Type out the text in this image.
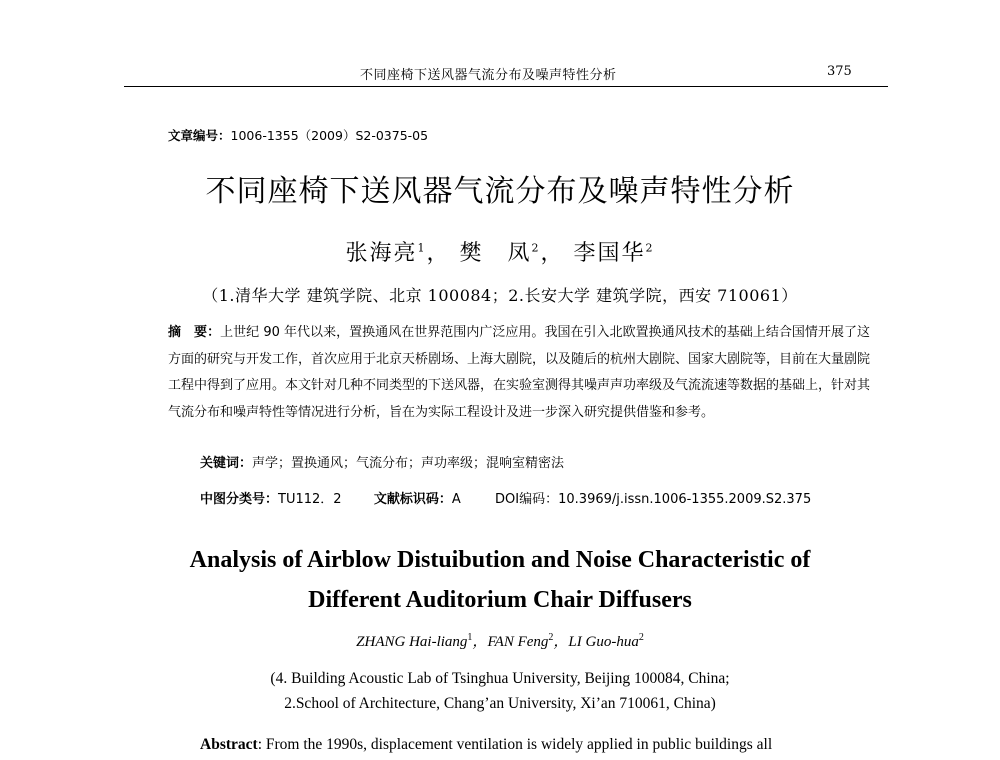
不同座椅下送风器气流分布及噪声特性分析	375
文章编号：1006-1355（2009）S2-0375-05
不同座椅下送风器气流分布及噪声特性分析
张海亮$^1$， 樊　凤$^2$， 李国华$^2$
（1.清华大学 建筑学院、北京 100084；2.长安大学 建筑学院，西安 710061）
摘　要：上世纪 90 年代以来，置换通风在世界范围内广泛应用。我国在引入北欧置换通风技术的基础上结合国情开展了这方面的研究与开发工作，首次应用于北京天桥剧场、上海大剧院，以及随后的杭州大剧院、国家大剧院等，目前在大量剧院工程中得到了应用。本文针对几种不同类型的下送风器，在实验室测得其噪声声功率级及气流流速等数据的基础上，针对其气流分布和噪声特性等情况进行分析，旨在为实际工程设计及进一步深入研究提供借鉴和参考。
关键词：声学；置换通风；气流分布；声功率级；混响室精密法
中图分类号：TU112．2 文献标识码：A	DOI编码：10.3969/j.issn.1006-1355.2009.S2.375
Analysis of Airblow Distuibution and Noise Characteristic of
Different Auditorium Chair Diffusers
ZHANG Hai-liang$^1$，FAN Feng$^2$，LI Guo-hua$^2$
(4. Building Acoustic Lab of Tsinghua University, Beijing 100084, China;
2.School of Architecture, Chang’an University, Xi’an 710061, China)
Abstract: From the 1990s, displacement ventilation is widely applied in public buildings all
